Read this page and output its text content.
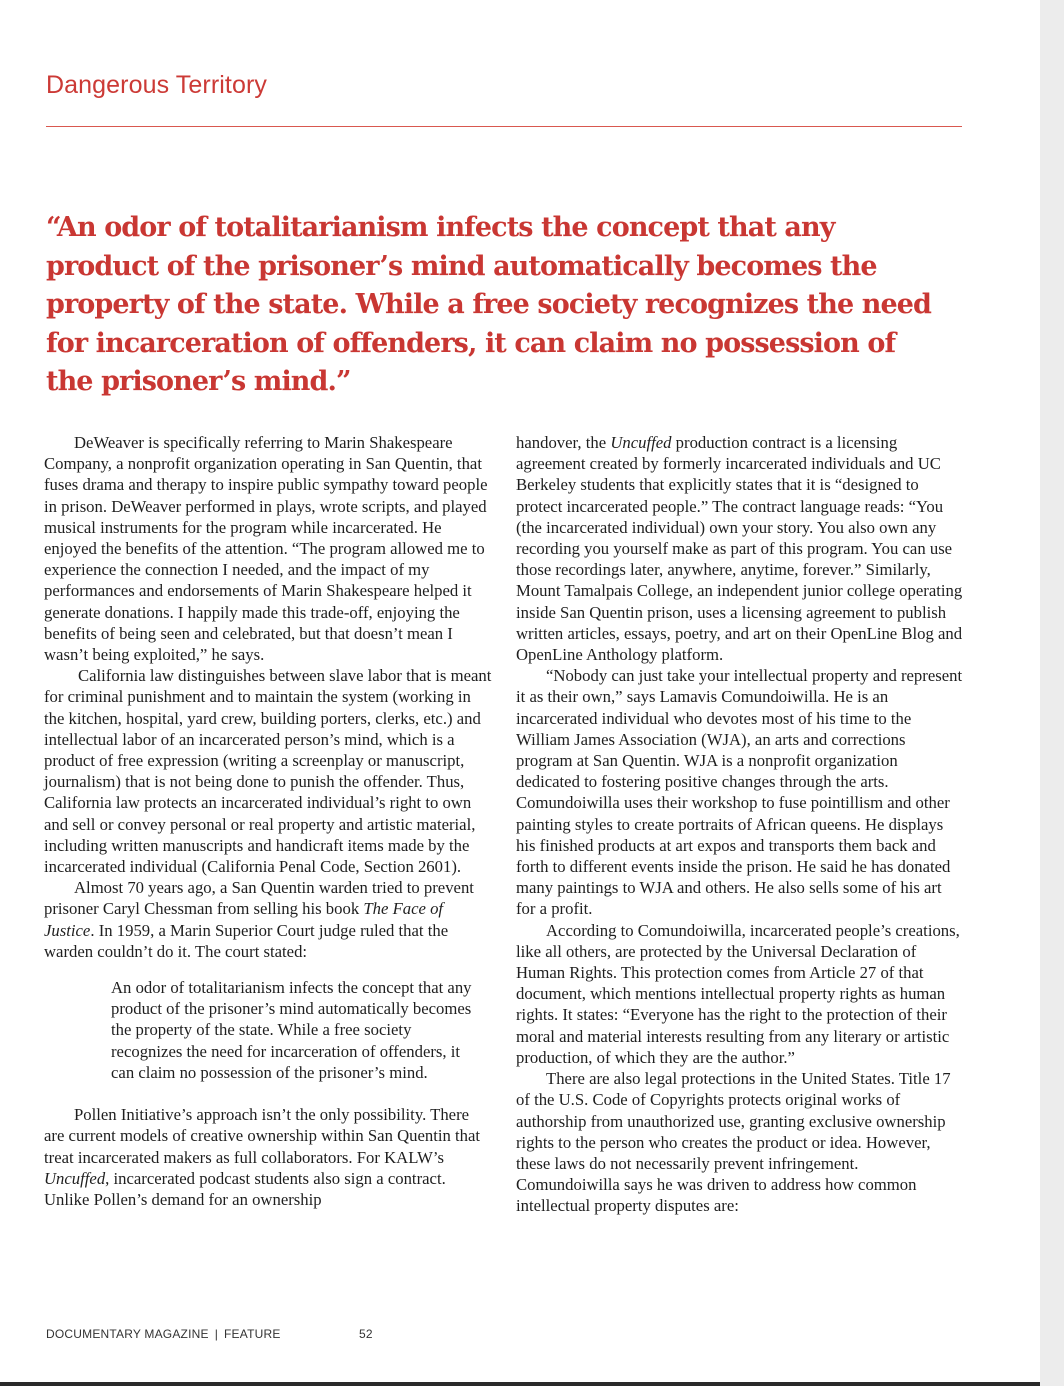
Dangerous Territory

“An odor of totalitarianism infects the concept that any product of the prisoner’s mind automatically becomes the property of the state. While a free society recognizes the need for incarceration of offenders, it can claim no possession of the prisoner’s mind.”

DeWeaver is specifically referring to Marin Shakespeare Company, a nonprofit organization operating in San Quentin, that fuses drama and therapy to inspire public sympathy toward people in prison. DeWeaver performed in plays, wrote scripts, and played musical instruments for the program while incarcerated. He enjoyed the benefits of the attention. “The program allowed me to experience the connection I needed, and the impact of my performances and endorsements of Marin Shakespeare helped it generate donations. I happily made this trade-off, enjoying the benefits of being seen and celebrated, but that doesn’t mean I wasn’t being exploited,” he says.

California law distinguishes between slave labor that is meant for criminal punishment and to maintain the system (working in the kitchen, hospital, yard crew, building porters, clerks, etc.) and intellectual labor of an incarcerated person’s mind, which is a product of free expression (writing a screenplay or manuscript, journalism) that is not being done to punish the offender. Thus, California law protects an incarcerated individual’s right to own and sell or convey personal or real property and artistic material, including written manuscripts and handicraft items made by the incarcerated individual (California Penal Code, Section 2601).

Almost 70 years ago, a San Quentin warden tried to prevent prisoner Caryl Chessman from selling his book The Face of Justice. In 1959, a Marin Superior Court judge ruled that the warden couldn’t do it. The court stated:

An odor of totalitarianism infects the concept that any product of the prisoner’s mind automatically becomes the property of the state. While a free society recognizes the need for incarceration of offenders, it can claim no possession of the prisoner’s mind.

Pollen Initiative’s approach isn’t the only possibility. There are current models of creative ownership within San Quentin that treat incarcerated makers as full collaborators. For KALW’s Uncuffed, incarcerated podcast students also sign a contract. Unlike Pollen’s demand for an ownership

handover, the Uncuffed production contract is a licensing agreement created by formerly incarcerated individuals and UC Berkeley students that explicitly states that it is “designed to protect incarcerated people.” The contract language reads: “You (the incarcerated individual) own your story. You also own any recording you yourself make as part of this program. You can use those recordings later, anywhere, anytime, forever.” Similarly, Mount Tamalpais College, an independent junior college operating inside San Quentin prison, uses a licensing agreement to publish written articles, essays, poetry, and art on their OpenLine Blog and OpenLine Anthology platform.

“Nobody can just take your intellectual property and represent it as their own,” says Lamavis Comundoiwilla. He is an incarcerated individual who devotes most of his time to the William James Association (WJA), an arts and corrections program at San Quentin. WJA is a nonprofit organization dedicated to fostering positive changes through the arts. Comundoiwilla uses their workshop to fuse pointillism and other painting styles to create portraits of African queens. He displays his finished products at art expos and transports them back and forth to different events inside the prison. He said he has donated many paintings to WJA and others. He also sells some of his art for a profit.

According to Comundoiwilla, incarcerated people’s creations, like all others, are protected by the Universal Declaration of Human Rights. This protection comes from Article 27 of that document, which mentions intellectual property rights as human rights. It states: “Everyone has the right to the protection of their moral and material interests resulting from any literary or artistic production, of which they are the author.”

There are also legal protections in the United States. Title 17 of the U.S. Code of Copyrights protects original works of authorship from unauthorized use, granting exclusive ownership rights to the person who creates the product or idea. However, these laws do not necessarily prevent infringement. Comundoiwilla says he was driven to address how common intellectual property disputes are:

DOCUMENTARY MAGAZINE | FEATURE	52
